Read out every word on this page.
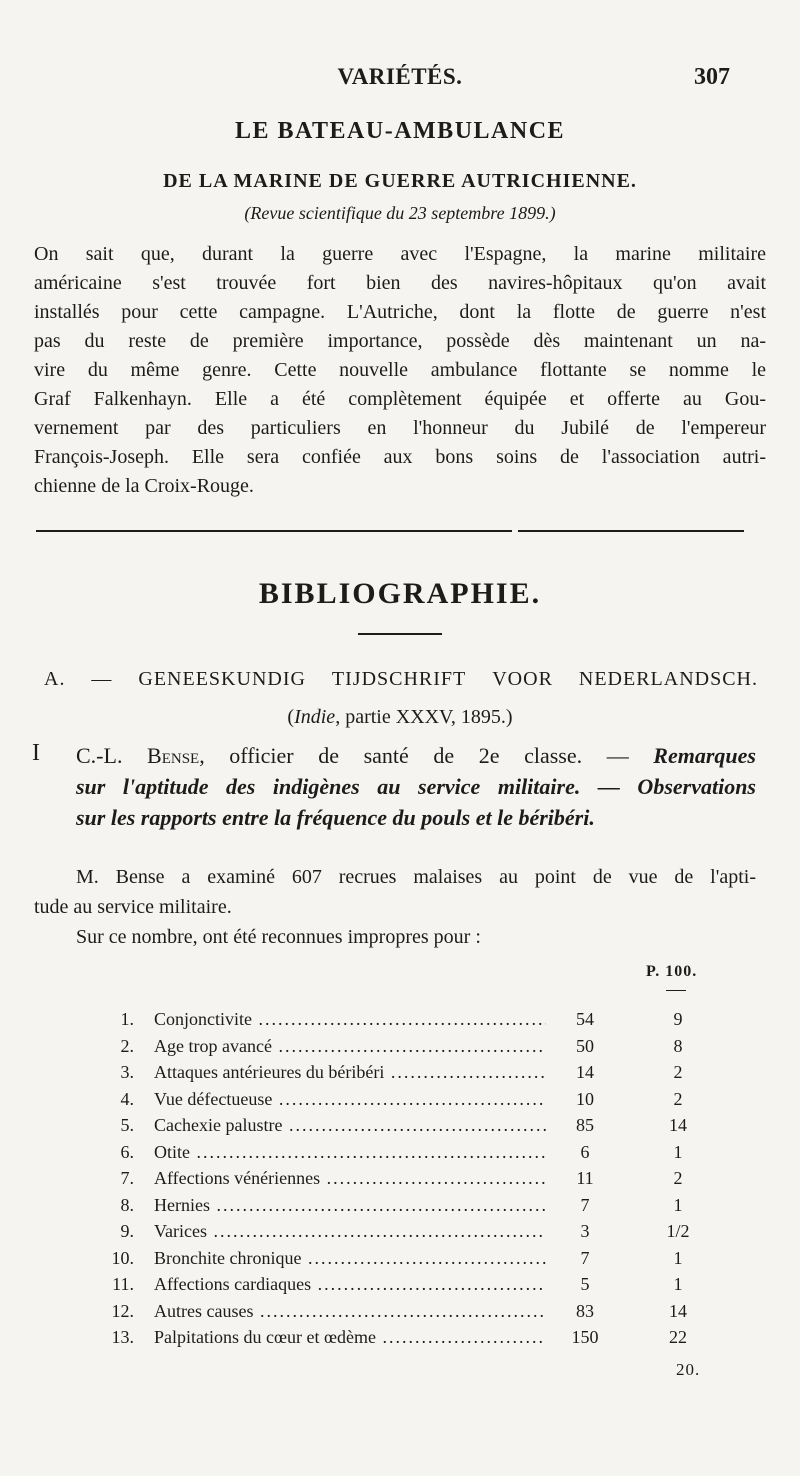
VARIÉTÉS.	307
LE BATEAU-AMBULANCE
DE LA MARINE DE GUERRE AUTRICHIENNE.
(Revue scientifique du 23 septembre 1899.)
On sait que, durant la guerre avec l'Espagne, la marine militaire
américaine s'est trouvée fort bien des navires-hôpitaux qu'on avait
installés pour cette campagne. L'Autriche, dont la flotte de guerre n'est
pas du reste de première importance, possède dès maintenant un na-
vire du même genre. Cette nouvelle ambulance flottante se nomme le
Graf Falkenhayn. Elle a été complètement équipée et offerte au Gou-
vernement par des particuliers en l'honneur du Jubilé de l'empereur
François-Joseph. Elle sera confiée aux bons soins de l'association autri-
chienne de la Croix-Rouge.
BIBLIOGRAPHIE.
A. — GENEESKUNDIG TIJDSCHRIFT VOOR NEDERLANDSCH.
(Indie, partie XXXV, 1895.)
I C.-L. Bense, officier de santé de 2e classe. — Remarques
sur l'aptitude des indigènes au service militaire. — Observations
sur les rapports entre la fréquence du pouls et le béribéri.
M. Bense a examiné 607 recrues malaises au point de vue de l'apti-
tude au service militaire.
Sur ce nombre, ont été reconnues impropres pour :
P. 100.
1. Conjonctivite .....	54	9
2. Age trop avancé .....	50	8
3. Attaques antérieures du béribéri .....	14	2
4. Vue défectueuse .....	10	2
5. Cachexie palustre .....	85	14
6. Otite .....	6	1
7. Affections vénériennes .....	11	2
8. Hernies .....	7	1
9. Varices .....	3	1/2
10. Bronchite chronique .....	7	1
11. Affections cardiaques .....	5	1
12. Autres causes .....	83	14
13. Palpitations du cœur et œdème .....	150	22
20.
